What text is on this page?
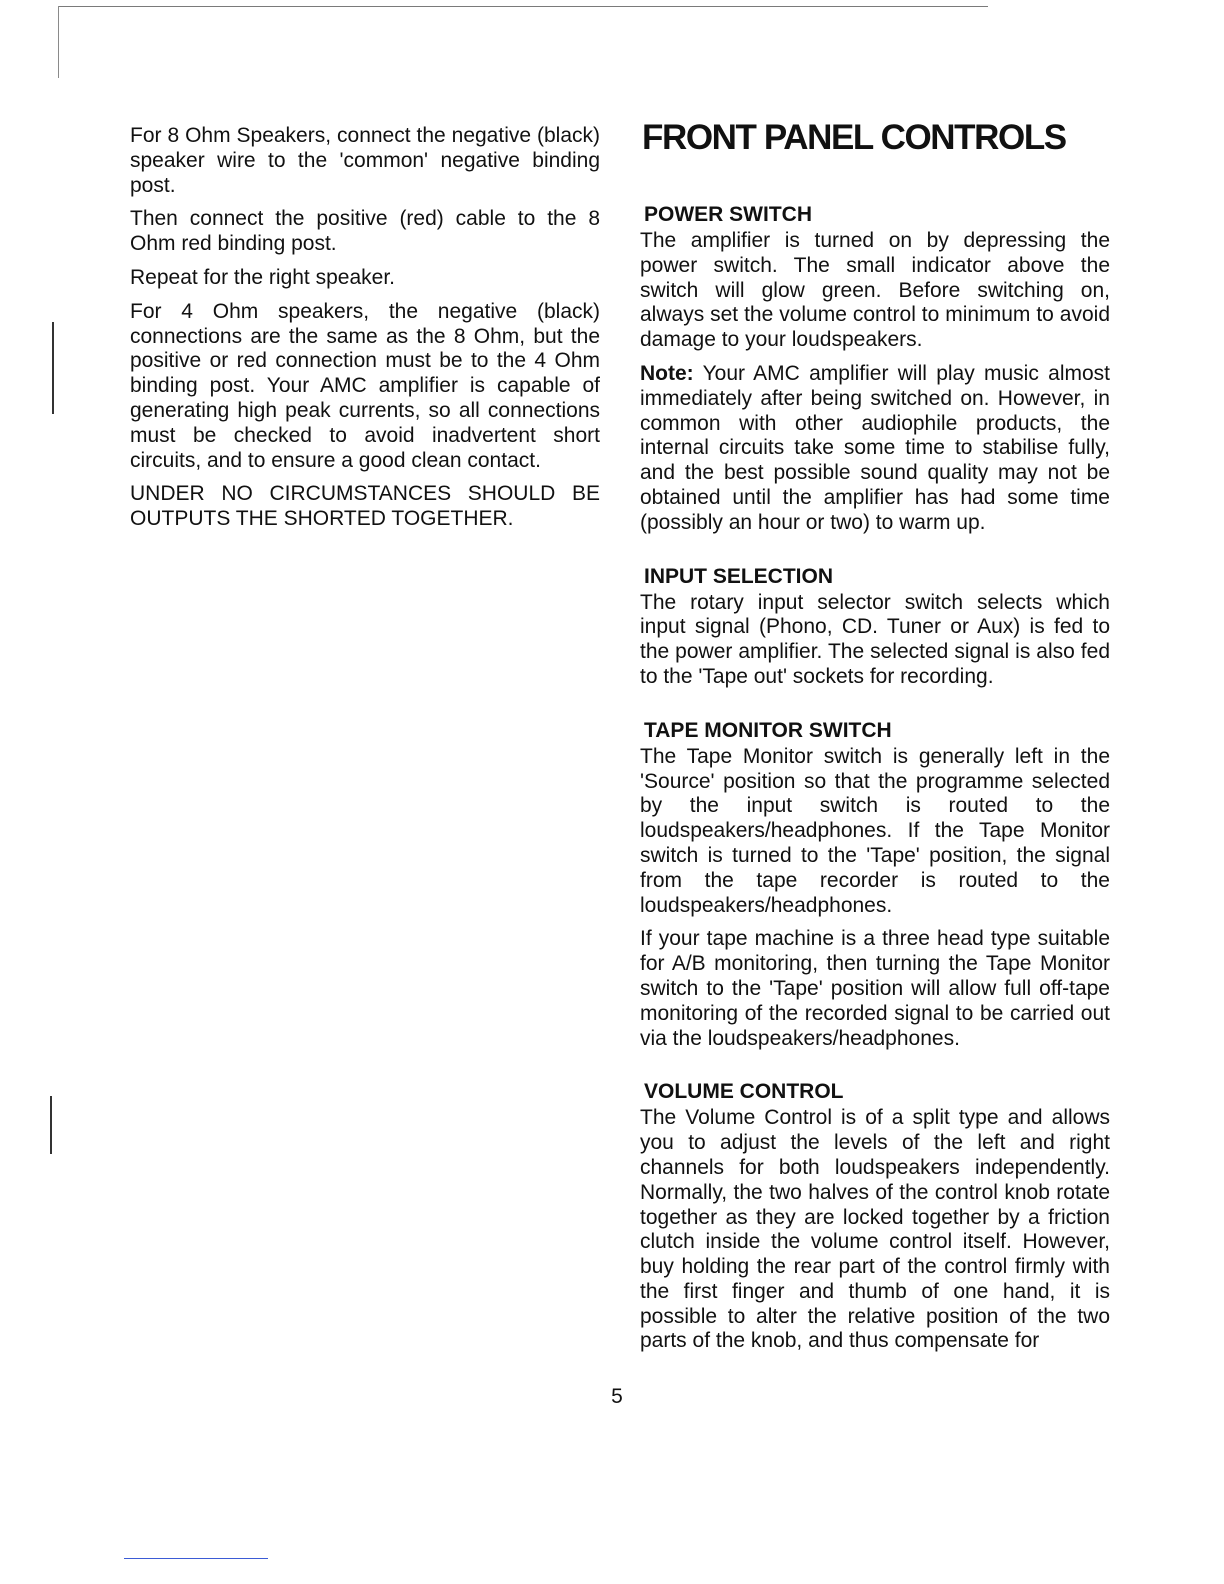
For 8 Ohm Speakers, connect the negative (black) speaker wire to the 'common' negative binding post.

Then connect the positive (red) cable to the 8 Ohm red binding post.

Repeat for the right speaker.

For 4 Ohm speakers, the negative (black) connections are the same as the 8 Ohm, but the positive or red connection must be to the 4 Ohm binding post. Your AMC amplifier is capable of generating high peak currents, so all connections must be checked to avoid inadvertent short circuits, and to ensure a good clean contact.

UNDER NO CIRCUMSTANCES SHOULD BE OUTPUTS THE SHORTED TOGETHER.

FRONT PANEL CONTROLS
POWER SWITCH

The amplifier is turned on by depressing the power switch. The small indicator above the switch will glow green. Before switching on, always set the volume control to minimum to avoid damage to your loudspeakers.

Note: Your AMC amplifier will play music almost immediately after being switched on. However, in common with other audiophile products, the internal circuits take some time to stabilise fully, and the best possible sound quality may not be obtained until the amplifier has had some time (possibly an hour or two) to warm up.

INPUT SELECTION

The rotary input selector switch selects which input signal (Phono, CD. Tuner or Aux) is fed to the power amplifier. The selected signal is also fed to the 'Tape out' sockets for recording.

TAPE MONITOR SWITCH

The Tape Monitor switch is generally left in the 'Source' position so that the programme selected by the input switch is routed to the loudspeakers/headphones. If the Tape Monitor switch is turned to the 'Tape' position, the signal from the tape recorder is routed to the loudspeakers/headphones.

If your tape machine is a three head type suitable for A/B monitoring, then turning the Tape Monitor switch to the 'Tape' position will allow full off-tape monitoring of the recorded signal to be carried out via the loudspeakers/headphones.

VOLUME CONTROL

The Volume Control is of a split type and allows you to adjust the levels of the left and right channels for both loudspeakers independently. Normally, the two halves of the control knob rotate together as they are locked together by a friction clutch inside the volume control itself. However, buy holding the rear part of the control firmly with the first finger and thumb of one hand, it is possible to alter the relative position of the two parts of the knob, and thus compensate for

5
